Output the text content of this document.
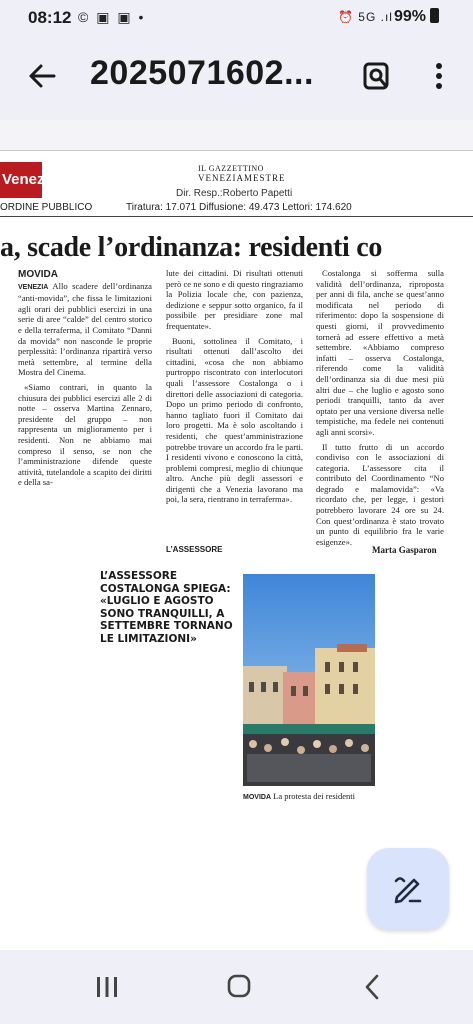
08:12 © ▣ ▣ •	⏰ 5G .ıl 99%
2025071602...
Venezia
IL GAZZETTINO
VENEZIAMESTRE
Dir. Resp.:Roberto Papetti
ORDINE PUBBLICO	Tiratura: 17.071 Diffusione: 49.473 Lettori: 174.620
a, scade l’ordinanza: residenti co
MOVIDA

VENEZIA Allo scadere dell’ordinanza “anti-movida”, che fissa le limitazioni agli orari dei pubblici esercizi in una serie di aree “calde” del centro storico e della terraferma, il Comitato “Danni da movida” non nasconde le proprie perplessità: l’ordinanza ripartirà verso metà settembre, al termine della Mostra del Cinema.

«Siamo contrari, in quanto la chiusura dei pubblici esercizi alle 2 di notte – osserva Martina Zennaro, presidente del gruppo – non rappresenta un miglioramento per i residenti. Non ne abbiamo mai compreso il senso, se non che l’amministrazione difende queste attività, tutelandole a scapito dei diritti e della sa-

lute dei cittadini. Di risultati ottenuti però ce ne sono e di questo ringraziamo la Polizia locale che, con pazienza, dedizione e seppur sotto organico, fa il possibile per presidiare zone mal frequentate».

Buoni, sottolinea il Comitato, i risultati ottenuti dall’ascolto dei cittadini, «cosa che non abbiamo purtroppo riscontrato con interlocutori quali l’assessore Costalonga o i direttori delle associazioni di categoria. Dopo un primo periodo di confronto, hanno tagliato fuori il Comitato dai loro progetti. Ma è solo ascoltando i residenti, che quest’amministrazione potrebbe trovare un accordo fra le parti. I residenti vivono e conoscono la città, problemi compresi, meglio di chiunque altro. Anche più degli assessori e dirigenti che a Venezia lavorano ma poi, la sera, rientrano in terraferma».

L’ASSESSORE

Costalonga si sofferma sulla validità dell’ordinanza, riproposta per anni di fila, anche se quest’anno modificata nel periodo di riferimento: dopo la sospensione di questi giorni, il provvedimento tornerà ad essere effettivo a metà settembre. «Abbiamo compreso infatti – osserva Costalonga, riferendo come la validità dell’ordinanza sia di due mesi più altri due – che luglio e agosto sono periodi tranquilli, tanto da aver optato per una versione diversa nelle tempistiche, ma fedele nei contenuti agli anni scorsi».

Il tutto frutto di un accordo condiviso con le associazioni di categoria. L’assessore cita il contributo del Coordinamento “No degrado e malamovida”: «Va ricordato che, per legge, i gestori potrebbero lavorare 24 ore su 24. Con quest’ordinanza è stato trovato un punto di equilibrio fra le varie esigenze».

Marta Gasparon
L’ASSESSORE COSTALONGA SPIEGA: «LUGLIO E AGOSTO SONO TRANQUILLI, A SETTEMBRE TORNANO LE LIMITAZIONI»
MOVIDA La protesta dei residenti
